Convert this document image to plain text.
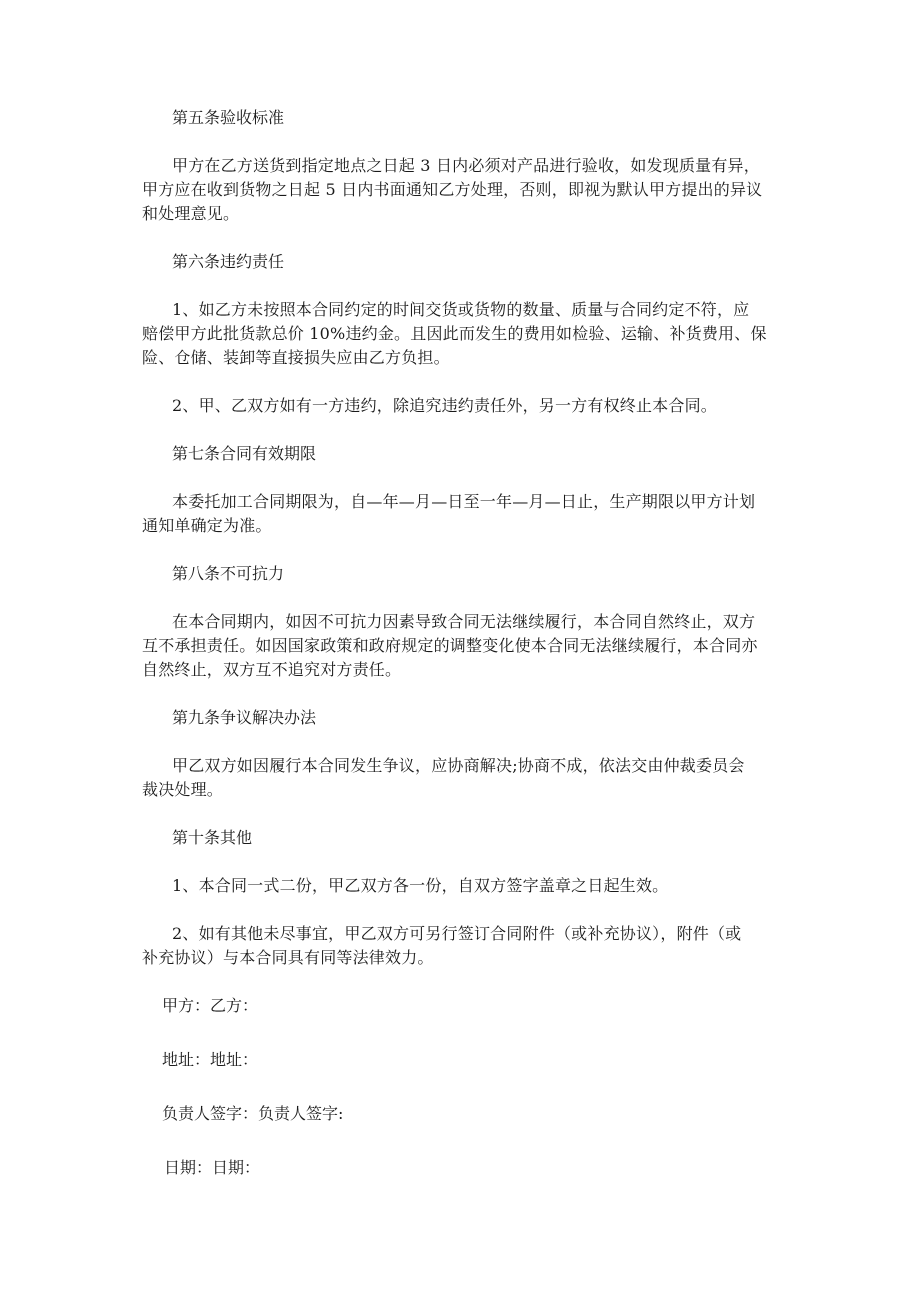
第五条验收标准
甲方在乙方送货到指定地点之日起 3 日内必须对产品进行验收，如发现质量有异，
甲方应在收到货物之日起 5 日内书面通知乙方处理，否则，即视为默认甲方提出的异议
和处理意见。
第六条违约责任
1、如乙方未按照本合同约定的时间交货或货物的数量、质量与合同约定不符，应
赔偿甲方此批货款总价 10%违约金。且因此而发生的费用如检验、运输、补货费用、保
险、仓储、装卸等直接损失应由乙方负担。
2、甲、乙双方如有一方违约，除追究违约责任外，另一方有权终止本合同。
第七条合同有效期限
本委托加工合同期限为，自—年—月—日至一年—月—日止，生产期限以甲方计划
通知单确定为准。
第八条不可抗力
在本合同期内，如因不可抗力因素导致合同无法继续履行，本合同自然终止，双方
互不承担责任。如因国家政策和政府规定的调整变化使本合同无法继续履行，本合同亦
自然终止，双方互不追究对方责任。
第九条争议解决办法
甲乙双方如因履行本合同发生争议，应协商解决;协商不成，依法交由仲裁委员会
裁决处理。
第十条其他
1、本合同一式二份，甲乙双方各一份，自双方签字盖章之日起生效。
2、如有其他未尽事宜，甲乙双方可另行签订合同附件（或补充协议），附件（或
补充协议）与本合同具有同等法律效力。
甲方：乙方：
地址：地址：
负责人签字：负责人签字:
日期：日期：
